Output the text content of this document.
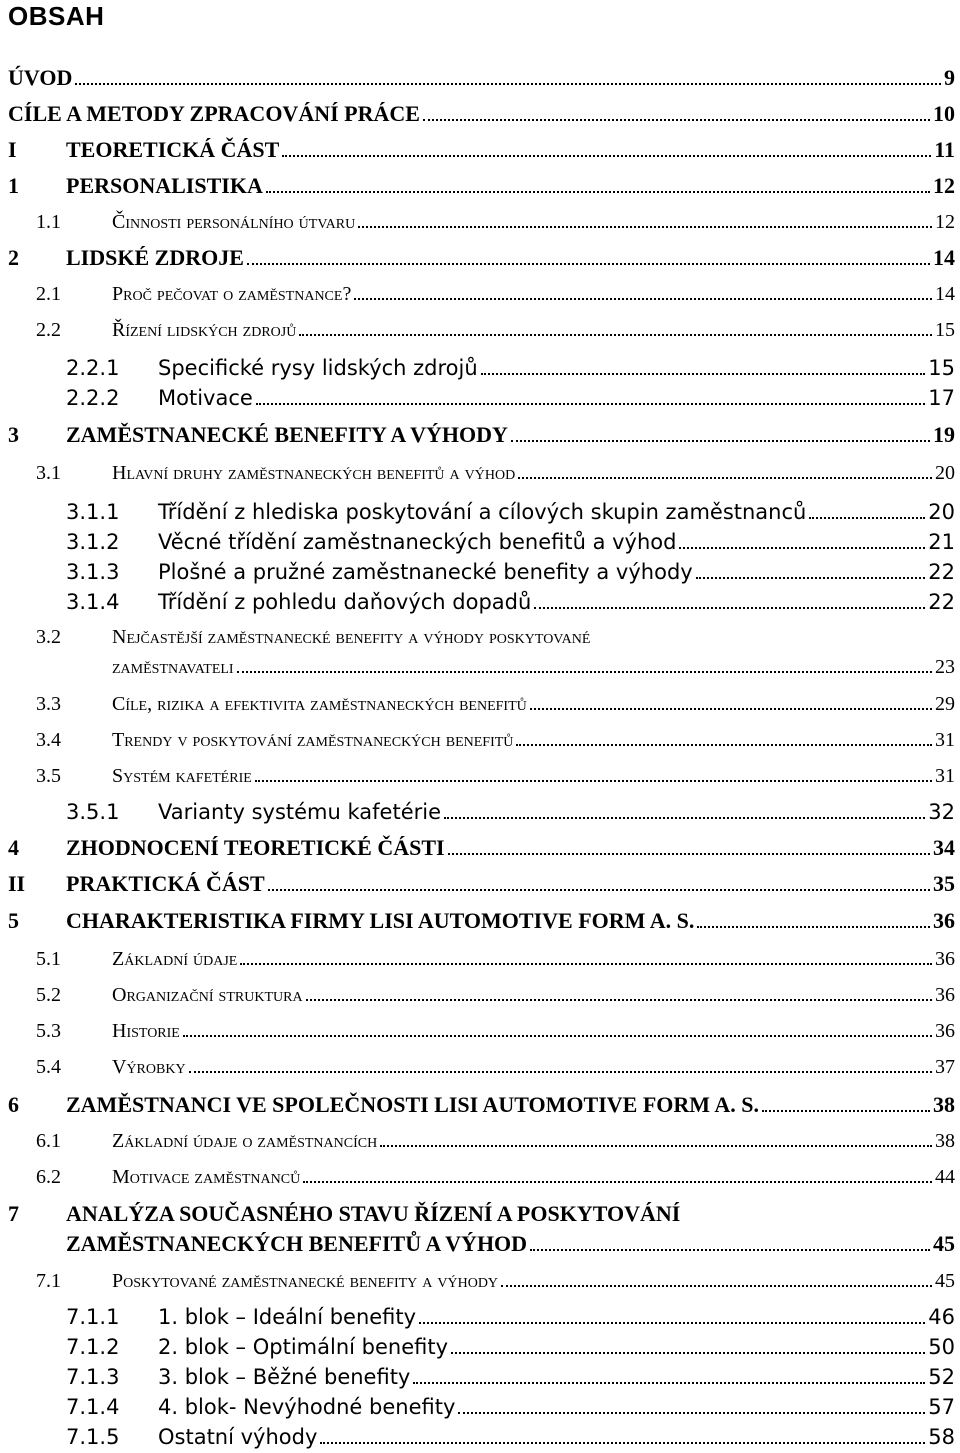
OBSAH
ÚVOD	9
CÍLE A METODY ZPRACOVÁNÍ PRÁCE	10
I TEORETICKÁ ČÁST	11
1 PERSONALISTIKA	12
1.1	Činnosti personálního útvaru	12
2 LIDSKÉ ZDROJE	14
2.1	Proč pečovat o zaměstnance?	14
2.2	Řízení lidských zdrojů	15
2.2.1 Specifické rysy lidských zdrojů	15
2.2.2 Motivace	17
3 ZAMĚSTNANECKÉ BENEFITY A VÝHODY	19
3.1	Hlavní druhy zaměstnaneckých benefitů a výhod	20
3.1.1 Třídění z hlediska poskytování a cílových skupin zaměstnanců	20
3.1.2 Věcné třídění zaměstnaneckých benefitů a výhod	21
3.1.3 Plošné a pružné zaměstnanecké benefity a výhody	22
3.1.4 Třídění z pohledu daňových dopadů	22
3.2	Nejčastější zaměstnanecké benefity a výhody poskytované
zaměstnavateli	23
3.3	Cíle, rizika a efektivita zaměstnaneckých benefitů	29
3.4	Trendy v poskytování zaměstnaneckých benefitů	31
3.5	Systém kafetérie	31
3.5.1 Varianty systému kafetérie	32
4 ZHODNOCENÍ TEORETICKÉ ČÁSTI	34
II PRAKTICKÁ ČÁST	35
5 CHARAKTERISTIKA FIRMY LISI AUTOMOTIVE FORM A. S.	36
5.1	Základní údaje	36
5.2	Organizační struktura	36
5.3	Historie	36
5.4	Výrobky	37
6 ZAMĚSTNANCI VE SPOLEČNOSTI LISI AUTOMOTIVE FORM A. S.	38
6.1	Základní údaje o zaměstnancích	38
6.2	Motivace zaměstnanců	44
7 ANALÝZA SOUČASNÉHO STAVU ŘÍZENÍ A POSKYTOVÁNÍ
ZAMĚSTNANECKÝCH BENEFITŮ A VÝHOD	45
7.1	Poskytované zaměstnanecké benefity a výhody	45
7.1.1 1. blok – Ideální benefity	46
7.1.2 2. blok – Optimální benefity	50
7.1.3 3. blok – Běžné benefity	52
7.1.4 4. blok- Nevýhodné benefity	57
7.1.5 Ostatní výhody	58
